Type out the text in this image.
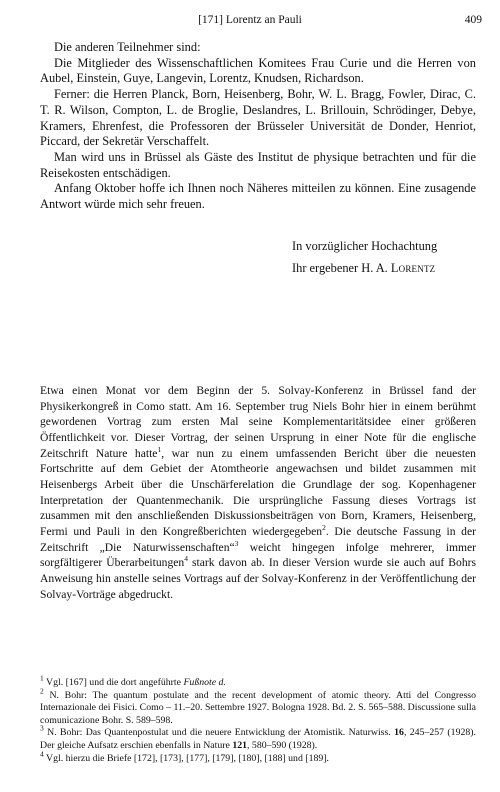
[171] Lorentz an Pauli	409

Die anderen Teilnehmer sind:

Die Mitglieder des Wissenschaftlichen Komitees Frau Curie und die Herren von Aubel, Einstein, Guye, Langevin, Lorentz, Knudsen, Richardson.

Ferner: die Herren Planck, Born, Heisenberg, Bohr, W. L. Bragg, Fowler, Dirac, C. T. R. Wilson, Compton, L. de Broglie, Deslandres, L. Brillouin, Schrödinger, Debye, Kramers, Ehrenfest, die Professoren der Brüsseler Universität de Donder, Henriot, Piccard, der Sekretär Verschaffelt.

Man wird uns in Brüssel als Gäste des Institut de physique betrachten und für die Reisekosten entschädigen.

Anfang Oktober hoffe ich Ihnen noch Näheres mitteilen zu können. Eine zusagende Antwort würde mich sehr freuen.

In vorzüglicher Hochachtung
Ihr ergebener H. A. Lorentz

Etwa einen Monat vor dem Beginn der 5. Solvay-Konferenz in Brüssel fand der Physikerkongreß in Como statt. Am 16. September trug Niels Bohr hier in einem berühmt gewordenen Vortrag zum ersten Mal seine Komplementaritätsidee einer größeren Öffentlichkeit vor. Dieser Vortrag, der seinen Ursprung in einer Note für die englische Zeitschrift Nature hatte$^1$, war nun zu einem umfassenden Bericht über die neuesten Fortschritte auf dem Gebiet der Atomtheorie angewachsen und bildet zusammen mit Heisenbergs Arbeit über die Unschärferelation die Grundlage der sog. Kopenhagener Interpretation der Quantenmechanik. Die ursprüngliche Fassung dieses Vortrags ist zusammen mit den anschließenden Diskussionsbeiträgen von Born, Kramers, Heisenberg, Fermi und Pauli in den Kongreßberichten wiedergegeben$^2$. Die deutsche Fassung in der Zeitschrift „Die Naturwissenschaften“$^3$ weicht hingegen infolge mehrerer, immer sorgfältigerer Überarbeitungen$^4$ stark davon ab. In dieser Version wurde sie auch auf Bohrs Anweisung hin anstelle seines Vortrags auf der Solvay-Konferenz in der Veröffentlichung der Solvay-Vorträge abgedruckt.

$^1$ Vgl. [167] und die dort angeführte Fußnote d.

$^2$ N. Bohr: The quantum postulate and the recent development of atomic theory. Atti del Congresso Internazionale dei Fisici. Como – 11.–20. Settembre 1927. Bologna 1928. Bd. 2. S. 565–588. Discussione sulla comunicazione Bohr. S. 589–598.

$^3$ N. Bohr: Das Quantenpostulat und die neuere Entwicklung der Atomistik. Naturwiss. 16, 245–257 (1928). Der gleiche Aufsatz erschien ebenfalls in Nature 121, 580–590 (1928).

$^4$ Vgl. hierzu die Briefe [172], [173], [177], [179], [180], [188] und [189].
